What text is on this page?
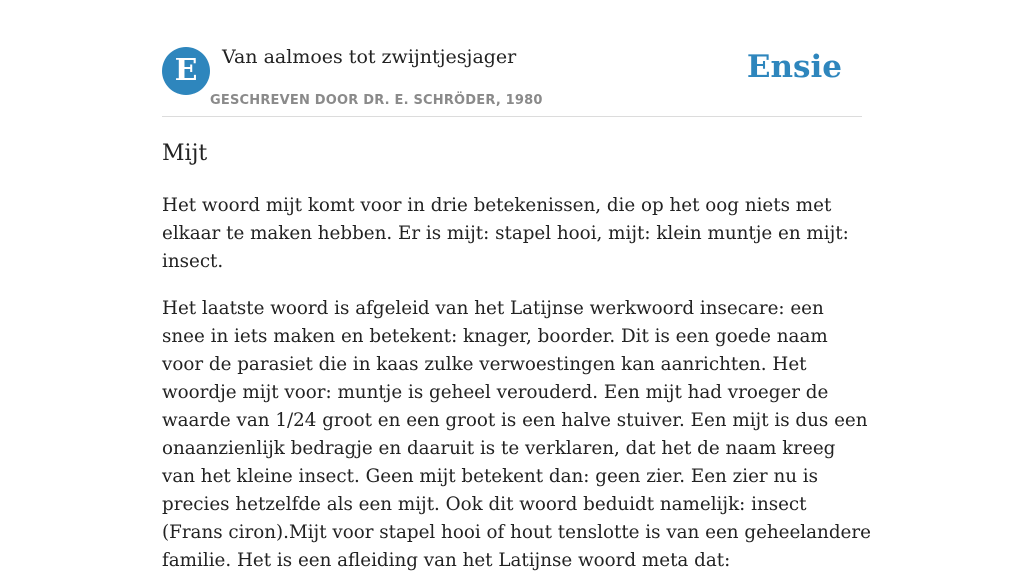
E	Van aalmoes tot zwijntjesjager
GESCHREVEN DOOR DR. E. SCHRÖDER, 1980
Ensie
Mijt

Het woord mijt komt voor in drie betekenissen, die op het oog niets met elkaar te maken hebben. Er is mijt: stapel hooi, mijt: klein muntje en mijt: insect.

Het laatste woord is afgeleid van het Latijnse werkwoord insecare: een snee in iets maken en betekent: knager, boorder. Dit is een goede naam voor de parasiet die in kaas zulke verwoestingen kan aanrichten. Het woordje mijt voor: muntje is geheel verouderd. Een mijt had vroeger de waarde van 1/24 groot en een groot is een halve stuiver. Een mijt is dus een onaanzienlijk bedragje en daaruit is te verklaren, dat het de naam kreeg van het kleine insect. Geen mijt betekent dan: geen zier. Een zier nu is precies hetzelfde als een mijt. Ook dit woord beduidt namelijk: insect (Frans ciron).Mijt voor stapel hooi of hout tenslotte is van een geheelandere familie. Het is een afleiding van het Latijnse woord meta dat:
